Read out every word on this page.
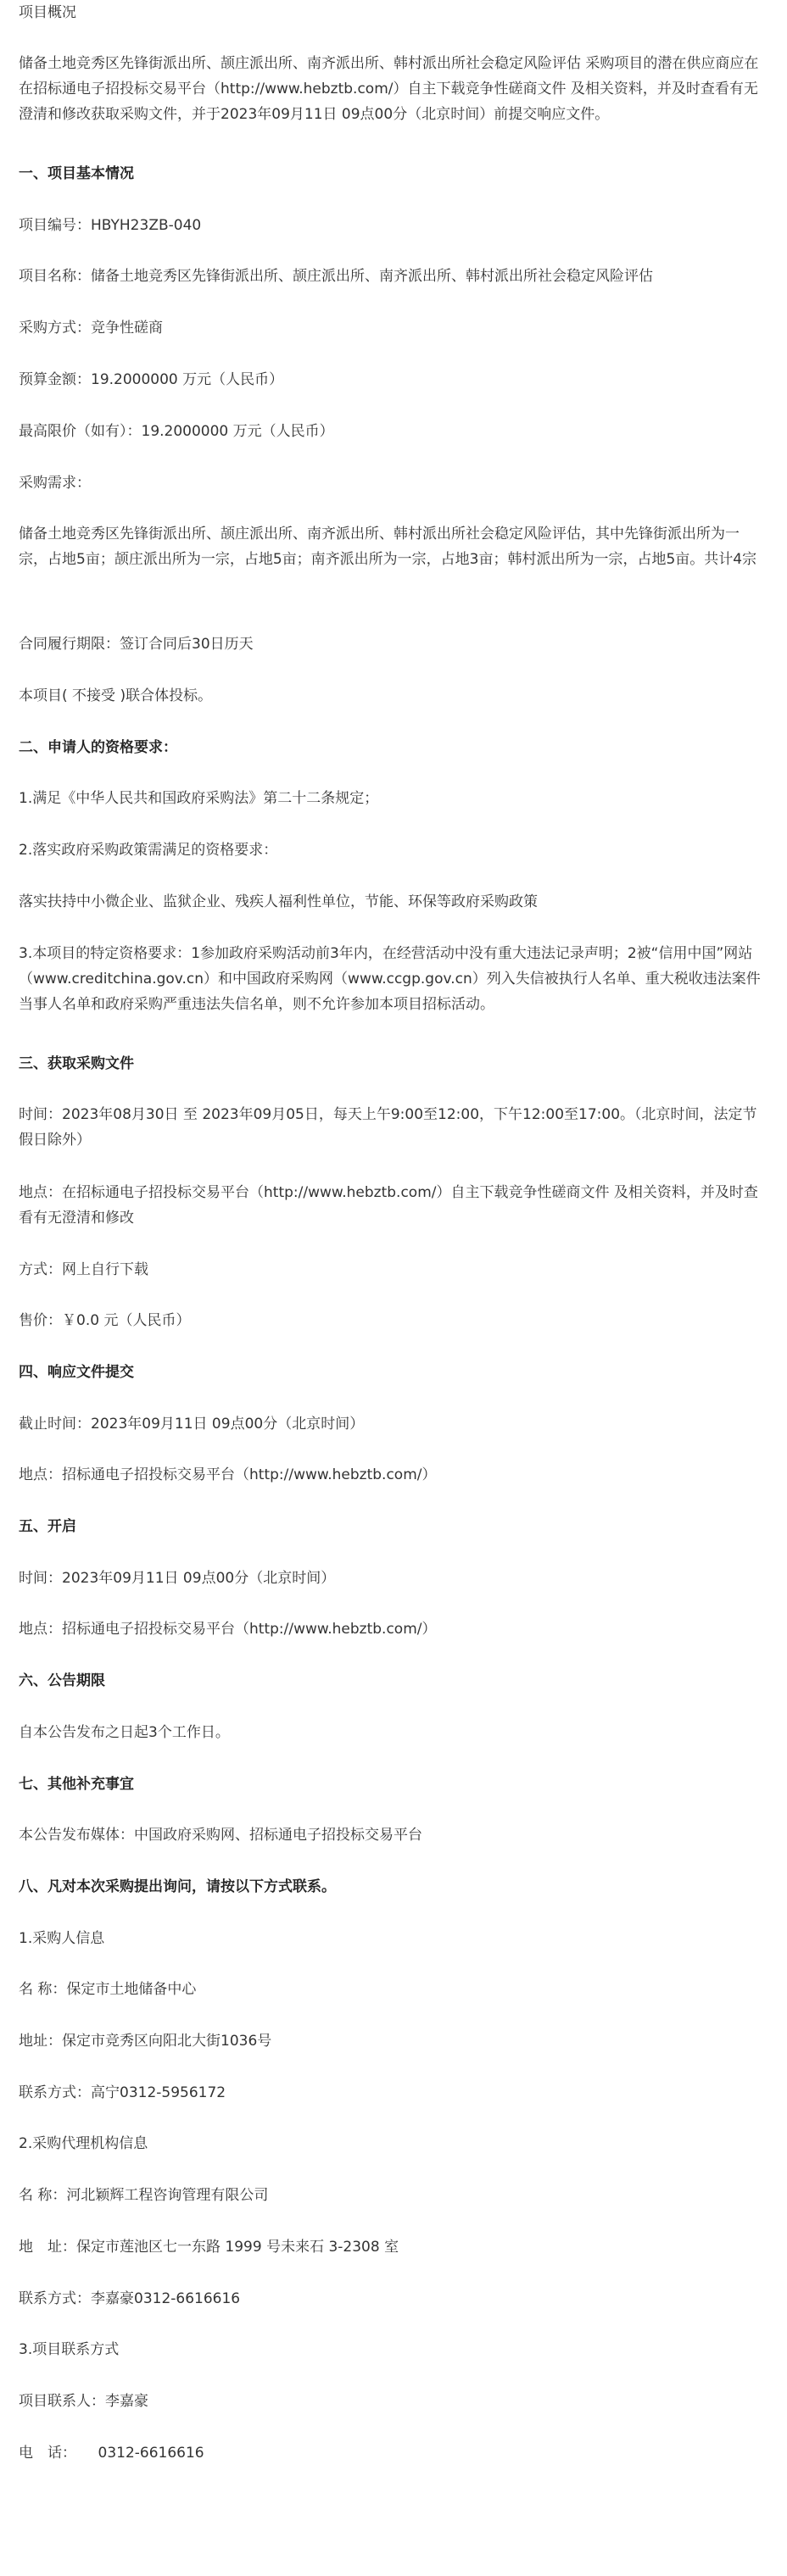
项目概况

储备土地竞秀区先锋街派出所、颉庄派出所、南齐派出所、韩村派出所社会稳定风险评估 采购项目的潜在供应商应在在招标通电子招投标交易平台（http://www.hebztb.com/）自主下载竞争性磋商文件 及相关资料，并及时查看有无澄清和修改获取采购文件，并于2023年09月11日 09点00分（北京时间）前提交响应文件。

一、项目基本情况

项目编号：HBYH23ZB-040

项目名称：储备土地竞秀区先锋街派出所、颉庄派出所、南齐派出所、韩村派出所社会稳定风险评估

采购方式：竞争性磋商

预算金额：19.2000000 万元（人民币）

最高限价（如有）：19.2000000 万元（人民币）

采购需求：

储备土地竞秀区先锋街派出所、颉庄派出所、南齐派出所、韩村派出所社会稳定风险评估，其中先锋街派出所为一宗，占地5亩；颉庄派出所为一宗，占地5亩；南齐派出所为一宗，占地3亩；韩村派出所为一宗，占地5亩。共计4宗

合同履行期限：签订合同后30日历天

本项目( 不接受 )联合体投标。

二、申请人的资格要求：

1.满足《中华人民共和国政府采购法》第二十二条规定；

2.落实政府采购政策需满足的资格要求：

落实扶持中小微企业、监狱企业、残疾人福利性单位，节能、环保等政府采购政策

3.本项目的特定资格要求：1参加政府采购活动前3年内，在经营活动中没有重大违法记录声明；2被“信用中国”网站（www.creditchina.gov.cn）和中国政府采购网（www.ccgp.gov.cn）列入失信被执行人名单、重大税收违法案件当事人名单和政府采购严重违法失信名单，则不允许参加本项目招标活动。

三、获取采购文件

时间：2023年08月30日 至 2023年09月05日，每天上午9:00至12:00，下午12:00至17:00。（北京时间，法定节假日除外）

地点：在招标通电子招投标交易平台（http://www.hebztb.com/）自主下载竞争性磋商文件 及相关资料，并及时查看有无澄清和修改

方式：网上自行下载

售价：￥0.0 元（人民币）

四、响应文件提交

截止时间：2023年09月11日 09点00分（北京时间）

地点：招标通电子招投标交易平台（http://www.hebztb.com/）

五、开启

时间：2023年09月11日 09点00分（北京时间）

地点：招标通电子招投标交易平台（http://www.hebztb.com/）

六、公告期限

自本公告发布之日起3个工作日。

七、其他补充事宜

本公告发布媒体：中国政府采购网、招标通电子招投标交易平台

八、凡对本次采购提出询问，请按以下方式联系。

1.采购人信息

名 称：保定市土地储备中心

地址：保定市竞秀区向阳北大街1036号

联系方式：高宁0312-5956172

2.采购代理机构信息

名 称：河北颖辉工程咨询管理有限公司

地　址：保定市莲池区七一东路 1999 号未来石 3-2308 室

联系方式：李嘉豪0312-6616616

3.项目联系方式

项目联系人：李嘉豪

电　话：　　0312-6616616
